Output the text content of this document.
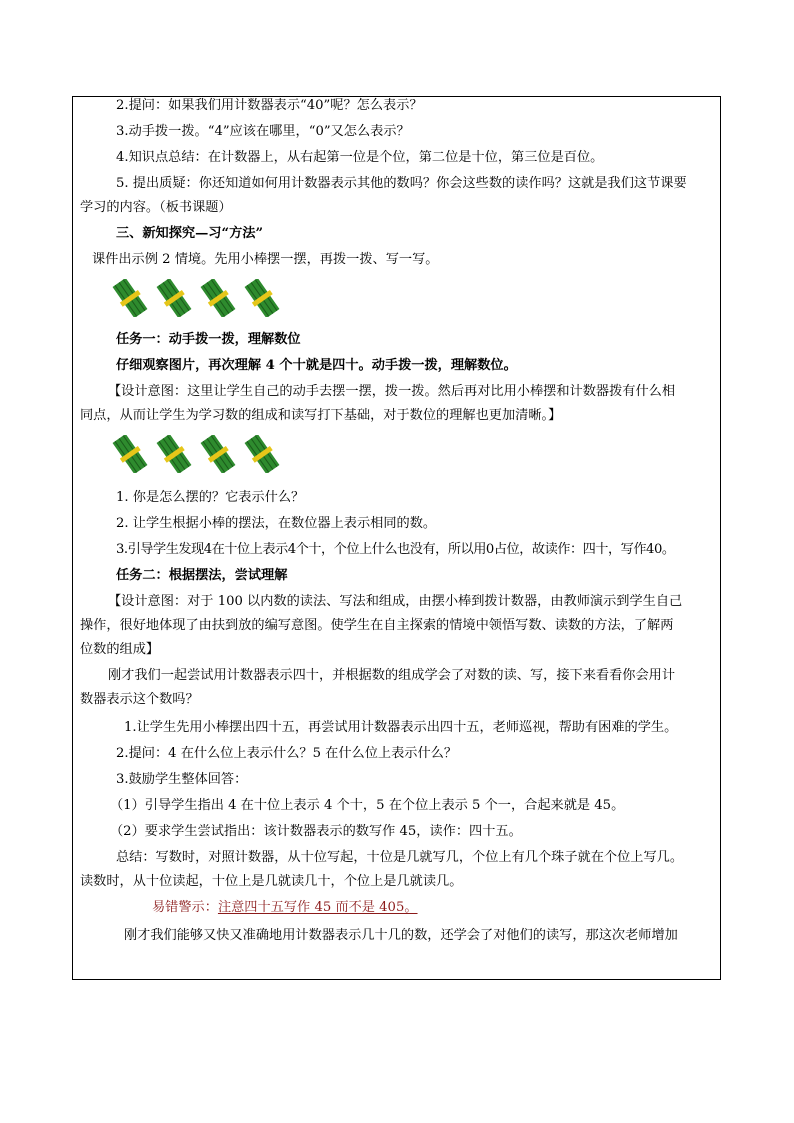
2.提问：如果我们用计数器表示“40”呢？怎么表示？

3.动手拨一拨。“4”应该在哪里，“0”又怎么表示？

4.知识点总结：在计数器上，从右起第一位是个位，第二位是十位，第三位是百位。

5. 提出质疑：你还知道如何用计数器表示其他的数吗？你会这些数的读作吗？这就是我们这节课要

学习的内容。（板书课题）

三、新知探究—习“方法”

课件出示例 2 情境。先用小棒摆一摆，再拨一拨、写一写。

任务一：动手拨一拨，理解数位

仔细观察图片，再次理解 4 个十就是四十。动手拨一拨，理解数位。

【设计意图：这里让学生自己的动手去摆一摆，拨一拨。然后再对比用小棒摆和计数器拨有什么相

同点，从而让学生为学习数的组成和读写打下基础，对于数位的理解也更加清晰。】

1. 你是怎么摆的？它表示什么？

2. 让学生根据小棒的摆法，在数位器上表示相同的数。

3.引导学生发现4在十位上表示4个十，个位上什么也没有，所以用0占位，故读作：四十，写作40。

任务二：根据摆法，尝试理解

【设计意图：对于 100 以内数的读法、写法和组成，由摆小棒到拨计数器，由教师演示到学生自己

操作，很好地体现了由扶到放的编写意图。使学生在自主探索的情境中领悟写数、读数的方法，了解两

位数的组成】

刚才我们一起尝试用计数器表示四十，并根据数的组成学会了对数的读、写，接下来看看你会用计

数器表示这个数吗？

1.让学生先用小棒摆出四十五，再尝试用计数器表示出四十五，老师巡视，帮助有困难的学生。

2.提问：4 在什么位上表示什么？5 在什么位上表示什么？

3.鼓励学生整体回答：

（1）引导学生指出 4 在十位上表示 4 个十，5 在个位上表示 5 个一，合起来就是 45。

（2）要求学生尝试指出：该计数器表示的数写作 45，读作：四十五。

总结：写数时，对照计数器，从十位写起，十位是几就写几，个位上有几个珠子就在个位上写几。

读数时，从十位读起，十位上是几就读几十，个位上是几就读几。

易错警示：注意四十五写作 45 而不是 405。

刚才我们能够又快又准确地用计数器表示几十几的数，还学会了对他们的读写，那这次老师增加
